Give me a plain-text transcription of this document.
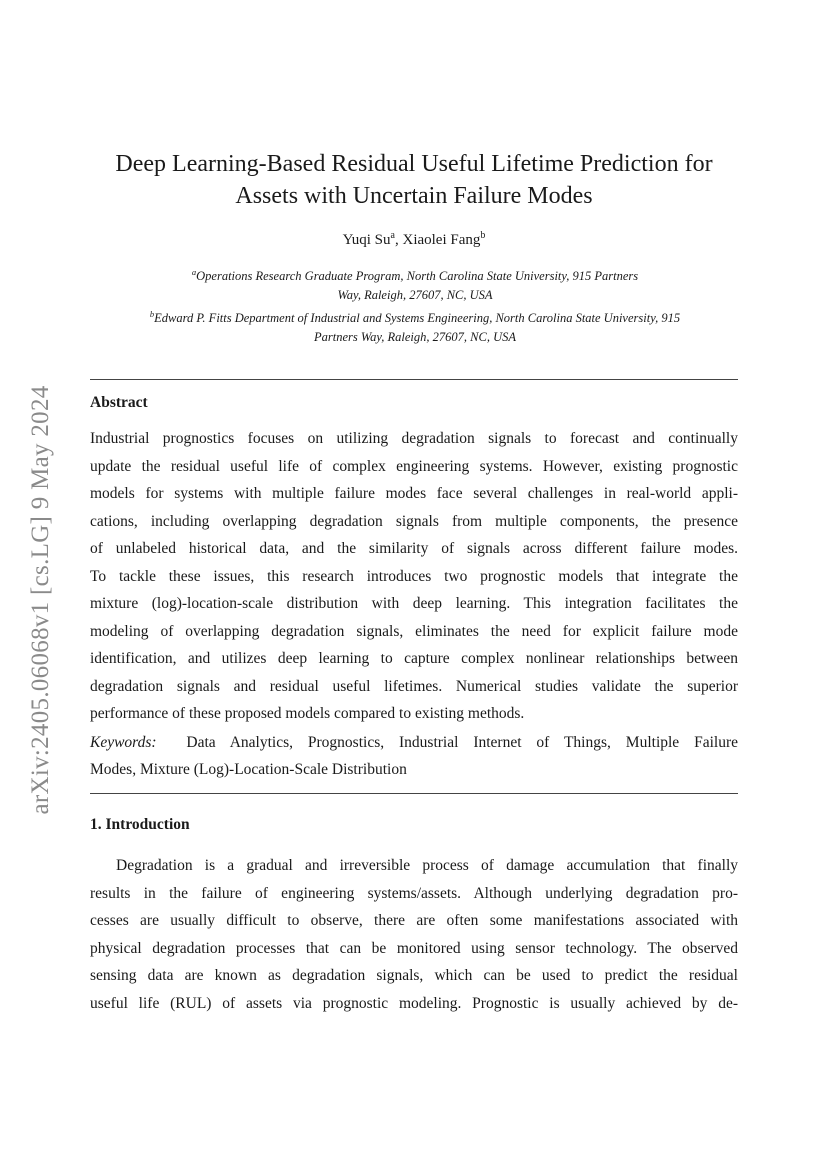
arXiv:2405.06068v1 [cs.LG] 9 May 2024
Deep Learning-Based Residual Useful Lifetime Prediction for
Assets with Uncertain Failure Modes
Yuqi Su$^a$, Xiaolei Fang$^b$
$^a$Operations Research Graduate Program, North Carolina State University, 915 Partners
Way, Raleigh, 27607, NC, USA
$^b$Edward P. Fitts Department of Industrial and Systems Engineering, North Carolina State University, 915
Partners Way, Raleigh, 27607, NC, USA
Abstract
Industrial prognostics focuses on utilizing degradation signals to forecast and continually
update the residual useful life of complex engineering systems. However, existing prognostic
models for systems with multiple failure modes face several challenges in real-world appli-
cations, including overlapping degradation signals from multiple components, the presence
of unlabeled historical data, and the similarity of signals across different failure modes.
To tackle these issues, this research introduces two prognostic models that integrate the
mixture (log)-location-scale distribution with deep learning. This integration facilitates the
modeling of overlapping degradation signals, eliminates the need for explicit failure mode
identification, and utilizes deep learning to capture complex nonlinear relationships between
degradation signals and residual useful lifetimes. Numerical studies validate the superior
performance of these proposed models compared to existing methods.
Keywords: Data Analytics, Prognostics, Industrial Internet of Things, Multiple Failure
Modes, Mixture (Log)-Location-Scale Distribution
1. Introduction
Degradation is a gradual and irreversible process of damage accumulation that finally
results in the failure of engineering systems/assets. Although underlying degradation pro-
cesses are usually difficult to observe, there are often some manifestations associated with
physical degradation processes that can be monitored using sensor technology. The observed
sensing data are known as degradation signals, which can be used to predict the residual
useful life (RUL) of assets via prognostic modeling. Prognostic is usually achieved by de-
